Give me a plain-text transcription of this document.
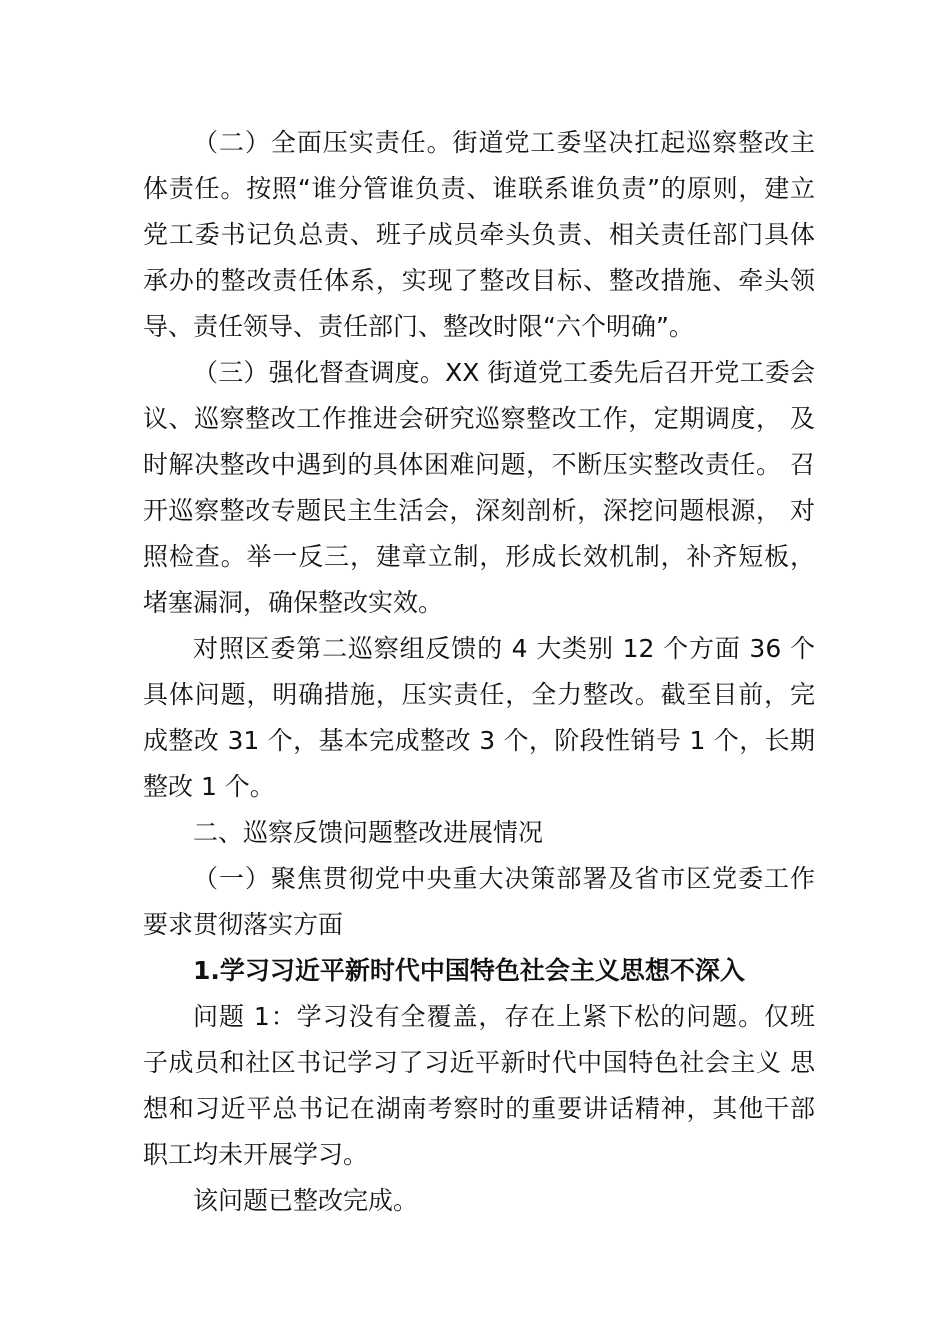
（二）全面压实责任。街道党工委坚决扛起巡察整改主体责任。按照“谁分管谁负责、谁联系谁负责”的原则，建立党工委书记负总责、班子成员牵头负责、相关责任部门具体承办的整改责任体系，实现了整改目标、整改措施、牵头领导、责任领导、责任部门、整改时限“六个明确”。

（三）强化督查调度。XX 街道党工委先后召开党工委会议、巡察整改工作推进会研究巡察整改工作，定期调度， 及时解决整改中遇到的具体困难问题，不断压实整改责任。 召开巡察整改专题民主生活会，深刻剖析，深挖问题根源， 对照检查。举一反三，建章立制，形成长效机制，补齐短板， 堵塞漏洞，确保整改实效。

对照区委第二巡察组反馈的 4 大类别 12 个方面 36 个具体问题，明确措施，压实责任，全力整改。截至目前，完成整改 31 个，基本完成整改 3 个，阶段性销号 1 个，长期整改 1 个。

二、巡察反馈问题整改进展情况

（一）聚焦贯彻党中央重大决策部署及省市区党委工作要求贯彻落实方面

1.学习习近平新时代中国特色社会主义思想不深入

问题 1：学习没有全覆盖，存在上紧下松的问题。仅班子成员和社区书记学习了习近平新时代中国特色社会主义 思想和习近平总书记在湖南考察时的重要讲话精神，其他干部职工均未开展学习。

该问题已整改完成。
